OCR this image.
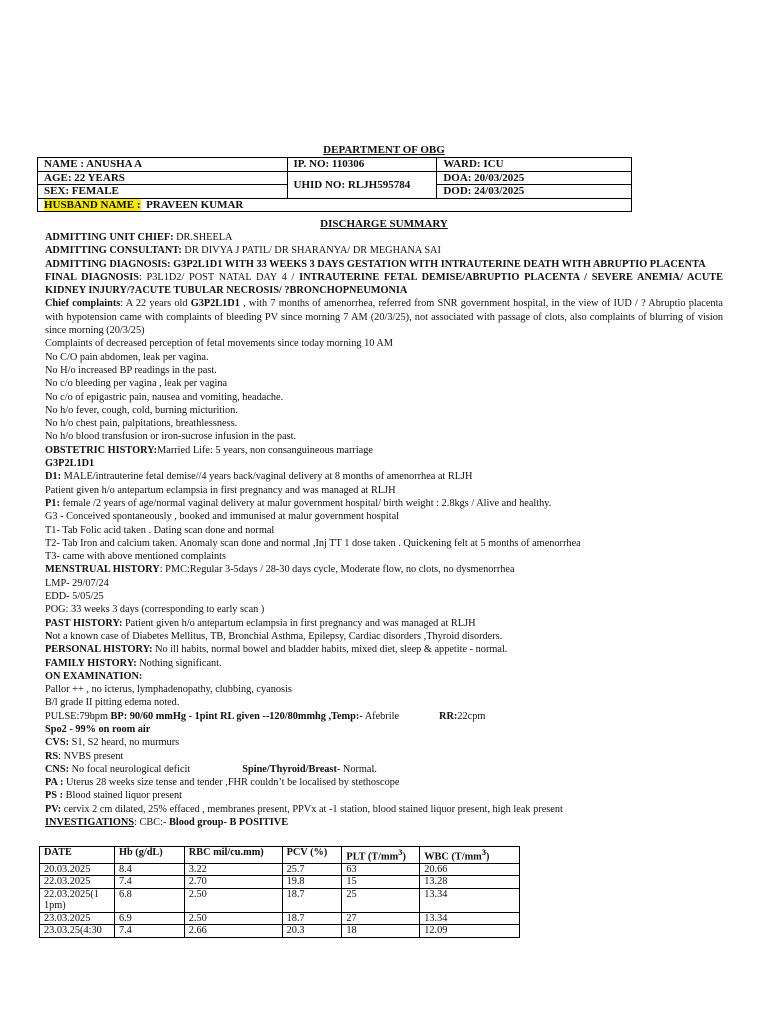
DEPARTMENT OF OBG
NAME : ANUSHA A	IP. NO: 110306	WARD: ICU
AGE: 22 YEARS	UHID NO: RLJH595784	DOA: 20/03/2025
SEX: FEMALE		DOD: 24/03/2025
HUSBAND NAME : PRAVEEN KUMAR		
DISCHARGE SUMMARY

ADMITTING UNIT CHIEF: DR.SHEELA

ADMITTING CONSULTANT: DR DIVYA J PATIL/ DR SHARANYA/ DR MEGHANA SAI

ADMITTING DIAGNOSIS: G3P2L1D1 WITH 33 WEEKS 3 DAYS GESTATION WITH INTRAUTERINE DEATH WITH ABRUPTIO PLACENTA

FINAL DIAGNOSIS: P3L1D2/ POST NATAL DAY 4 / INTRAUTERINE FETAL DEMISE/ABRUPTIO PLACENTA / SEVERE ANEMIA/ ACUTE KIDNEY INJURY/?ACUTE TUBULAR NECROSIS/ ?BRONCHOPNEUMONIA

Chief complaints: A 22 years old G3P2L1D1 , with 7 months of amenorrhea, referred from SNR government hospital, in the view of IUD / ? Abruptio placenta with hypotension came with complaints of bleeding PV since morning 7 AM (20/3/25), not associated with passage of clots, also complaints of blurring of vision since morning (20/3/25)

Complaints of decreased perception of fetal movements since today morning 10 AM

No C/O pain abdomen, leak per vagina.

No H/o increased BP readings in the past.

No c/o bleeding per vagina , leak per vagina

No c/o of epigastric pain, nausea and vomiting, headache.

No h/o fever, cough, cold, burning micturition.

No h/o chest pain, palpitations, breathlessness.

No h/o blood transfusion or iron-sucrose infusion in the past.

OBSTETRIC HISTORY:Married Life: 5 years, non consanguineous marriage

G3P2L1D1

D1: MALE/intrauterine fetal demise//4 years back/vaginal delivery at 8 months of amenorrhea at RLJH

Patient given h/o antepartum eclampsia in first pregnancy and was managed at RLJH

P1: female /2 years of age/normal vaginal delivery at malur government hospital/ birth weight : 2.8kgs / Alive and healthy.

G3 - Conceived spontaneously , booked and immunised at malur government hospital

T1- Tab Folic acid taken . Dating scan done and normal

T2- Tab Iron and calcium taken. Anomaly scan done and normal ,Inj TT 1 dose taken . Quickening felt at 5 months of amenorrhea

T3- came with above mentioned complaints

MENSTRUAL HISTORY: PMC:Regular 3-5days / 28-30 days cycle, Moderate flow, no clots, no dysmenorrhea

LMP- 29/07/24

EDD- 5/05/25

POG: 33 weeks 3 days (corresponding to early scan )

PAST HISTORY: Patient given h/o antepartum eclampsia in first pregnancy and was managed at RLJH

Not a known case of Diabetes Mellitus, TB, Bronchial Asthma, Epilepsy, Cardiac disorders ,Thyroid disorders.

PERSONAL HISTORY: No ill habits, normal bowel and bladder habits, mixed diet, sleep & appetite - normal.

FAMILY HISTORY: Nothing significant.

ON EXAMINATION:

Pallor ++ , no icterus, lymphadenopathy, clubbing, cyanosis

B/l grade II pitting edema noted.

PULSE:79bpm BP: 90/60 mmHg - 1pint RL given --120/80mmhg ,Temp:- Afebrile	RR:22cpm

Spo2 - 99% on room air

CVS: S1, S2 heard, no murmurs

RS: NVBS present

CNS: No focal neurological deficit	Spine/Thyroid/Breast- Normal.

PA : Uterus 28 weeks size tense and tender ,FHR couldn’t be localised by stethoscope

PS : Blood stained liquor present

PV: cervix 2 cm dilated, 25% effaced , membranes present, PPVx at -1 station, blood stained liquor present, high leak present

INVESTIGATIONS: CBC:- Blood group- B POSITIVE

DATE	Hb (g/dL)	RBC mil/cu.mm)	PCV (%)	PLT $(T/mm^3)$	WBC $(T/mm^3)$
20.03.2025	8.4	3.22	25.7	63	20.66
22.03.2025	7.4	2.70	19.8	15	13.28
22.03.2025(1 1pm)	6.8	2.50	18.7	25	13.34
23.03.2025	6.9	2.50	18.7	27	13.34
23.03.25(4:30	7.4	2.66	20.3	18	12.09
